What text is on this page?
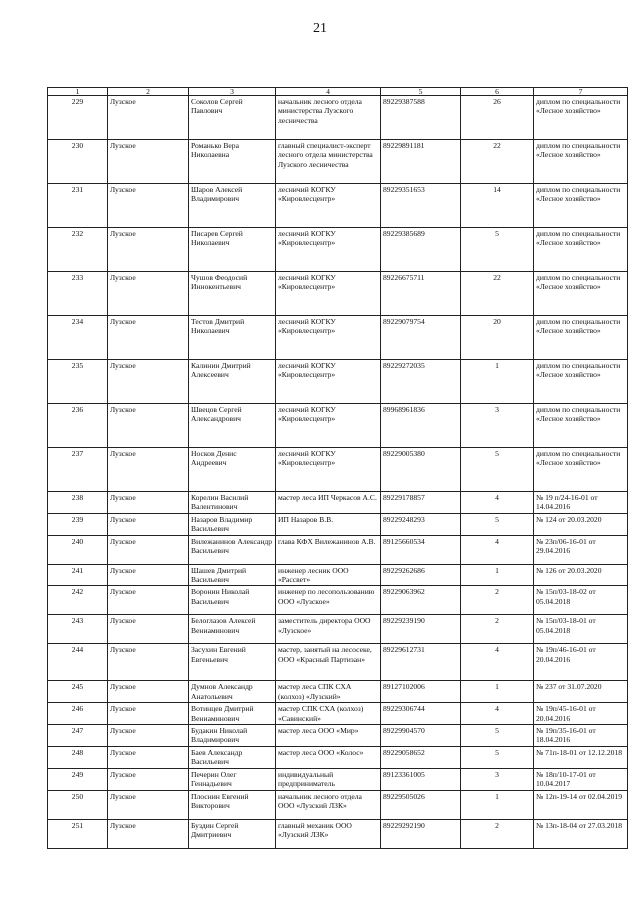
21
1	2	3	4	5	6	7
229	Лузское	Соколов Сергей Павлович	начальник лесного отдела министерства Лузского лесничества	89229387588	26	диплом по специальности «Лесное хозяйство»
230	Лузское	Романько Вера Николаевна	главный специалист-эксперт лесного отдела министерства Лузского лесничества	89229891181	22	диплом по специальности «Лесное хозяйство»
231	Лузское	Шаров Алексей Владимирович	лесничий КОГКУ «Кировлесцентр»	89229351653	14	диплом по специальности «Лесное хозяйство»
232	Лузское	Писарев Сергей Николаевич	лесничий КОГКУ «Кировлесцентр»	89229385689	5	диплом по специальности «Лесное хозяйство»
233	Лузское	Чушов Феодосий Иннокентьевич	лесничий КОГКУ «Кировлесцентр»	89226675711	22	диплом по специальности «Лесное хозяйство»
234	Лузское	Тестов Дмитрий Николаевич	лесничий КОГКУ «Кировлесцентр»	89229079754	20	диплом по специальности «Лесное хозяйство»
235	Лузское	Калинин Дмитрий Алексеевич	лесничий КОГКУ «Кировлесцентр»	89229272035	1	диплом по специальности «Лесное хозяйство»
236	Лузское	Швецов Сергей Александрович	лесничий КОГКУ «Кировлесцентр»	89968961836	3	диплом по специальности «Лесное хозяйство»
237	Лузское	Носков Денис Андреевич	лесничий КОГКУ «Кировлесцентр»	89229005380	5	диплом по специальности «Лесное хозяйство»
238	Лузское	Корелин Василий Валентинович	мастер леса ИП Черкасов А.С.	89229178857	4	№ 19 п/24-16-01 от 14.04.2016
239	Лузское	Назаров Владимир Васильевич	ИП Назаров В.В.	89229248293	5	№ 124 от 20.03.2020
240	Лузское	Вилежанинов Александр Васильевич	глава КФХ Вилежанинов А.В.	89125660534	4	№ 23п/06-16-01 от 29.04.2016
241	Лузское	Шашев Дмитрий Васильевич	инженер лесник ООО «Рассвет»	89229262686	1	№ 126 от 20.03.2020
242	Лузское	Воронин Николай Васильевич	инженер по лесопользованию ООО «Лузское»	89229063962	2	№ 15п/03-18-02 от 05.04.2018
243	Лузское	Белоглазов Алексей Вениаминович	заместитель директора ООО «Лузское»	89229239190	2	№ 15п/03-18-01 от 05.04.2018
244	Лузское	Засухин Евгений Евгеньевич	мастер, занятый на лесосеке, ООО «Красный Партизан»	89229612731	4	№ 19п/46-16-01 от 20.04.2016
245	Лузское	Думнов Александр Анатольевич	мастер леса СПК СХА (колхоз) «Лузский»	89127102006	1	№ 237 от 31.07.2020
246	Лузское	Вотинцев Дмитрий Вениаминович	мастер СПК СХА (колхоз) «Савинский»	89229306744	4	№ 19п/45-16-01 от 20.04.2016
247	Лузское	Будакин Николай Владимирович	мастер леса ООО «Мир»	89229904570	5	№ 19п/35-16-01 от 18.04.2016
248	Лузское	Баев Александр Васильевич	мастер леса ООО «Колос»	89229058652	5	№ 71п-18-01 от 12.12.2018
249	Лузское	Печерин Олег Геннадьевич	индивидуальный предприниматель	89123361005	3	№ 18п/10-17-01 от 10.04.2017
250	Лузское	Плоснин Евгений Викторович	начальник лесного отдела ООО «Лузский ЛЗК»	89229505026	1	№ 12п-19-14 от 02.04.2019
251	Лузское	Буздин Сергей Дмитриевич	главный механик ООО «Лузский ЛЗК»	89229292190	2	№ 13п-18-04 от 27.03.2018
